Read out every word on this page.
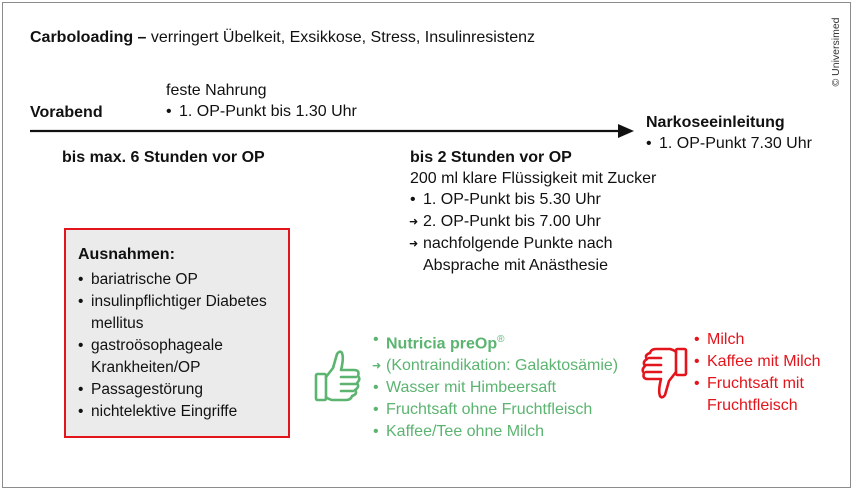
Carboloading – verringert Übelkeit, Exsikkose, Stress, Insulinresistenz	© Universimed
feste Nahrung
• 1. OP-Punkt bis 1.30 Uhr
Vorabend
Narkoseeinleitung
• 1. OP-Punkt 7.30 Uhr
bis max. 6 Stunden vor OP	bis 2 Stunden vor OP
200 ml klare Flüssigkeit mit Zucker
• 1. OP-Punkt bis 5.30 Uhr
➜ 2. OP-Punkt bis 7.00 Uhr
➜ nachfolgende Punkte nach
Absprache mit Anästhesie
Ausnahmen:
• bariatrische OP
• insulinpflichtiger Diabetes
mellitus
• gastroösophageale
Krankheiten/OP
• Passagestörung
• nichtelektive Eingriffe
• Nutricia preOp®
➜ (Kontraindikation: Galaktosämie)
• Wasser mit Himbeersaft
• Fruchtsaft ohne Fruchtfleisch
• Kaffee/Tee ohne Milch
• Milch
• Kaffee mit Milch
• Fruchtsaft mit
Fruchtfleisch
